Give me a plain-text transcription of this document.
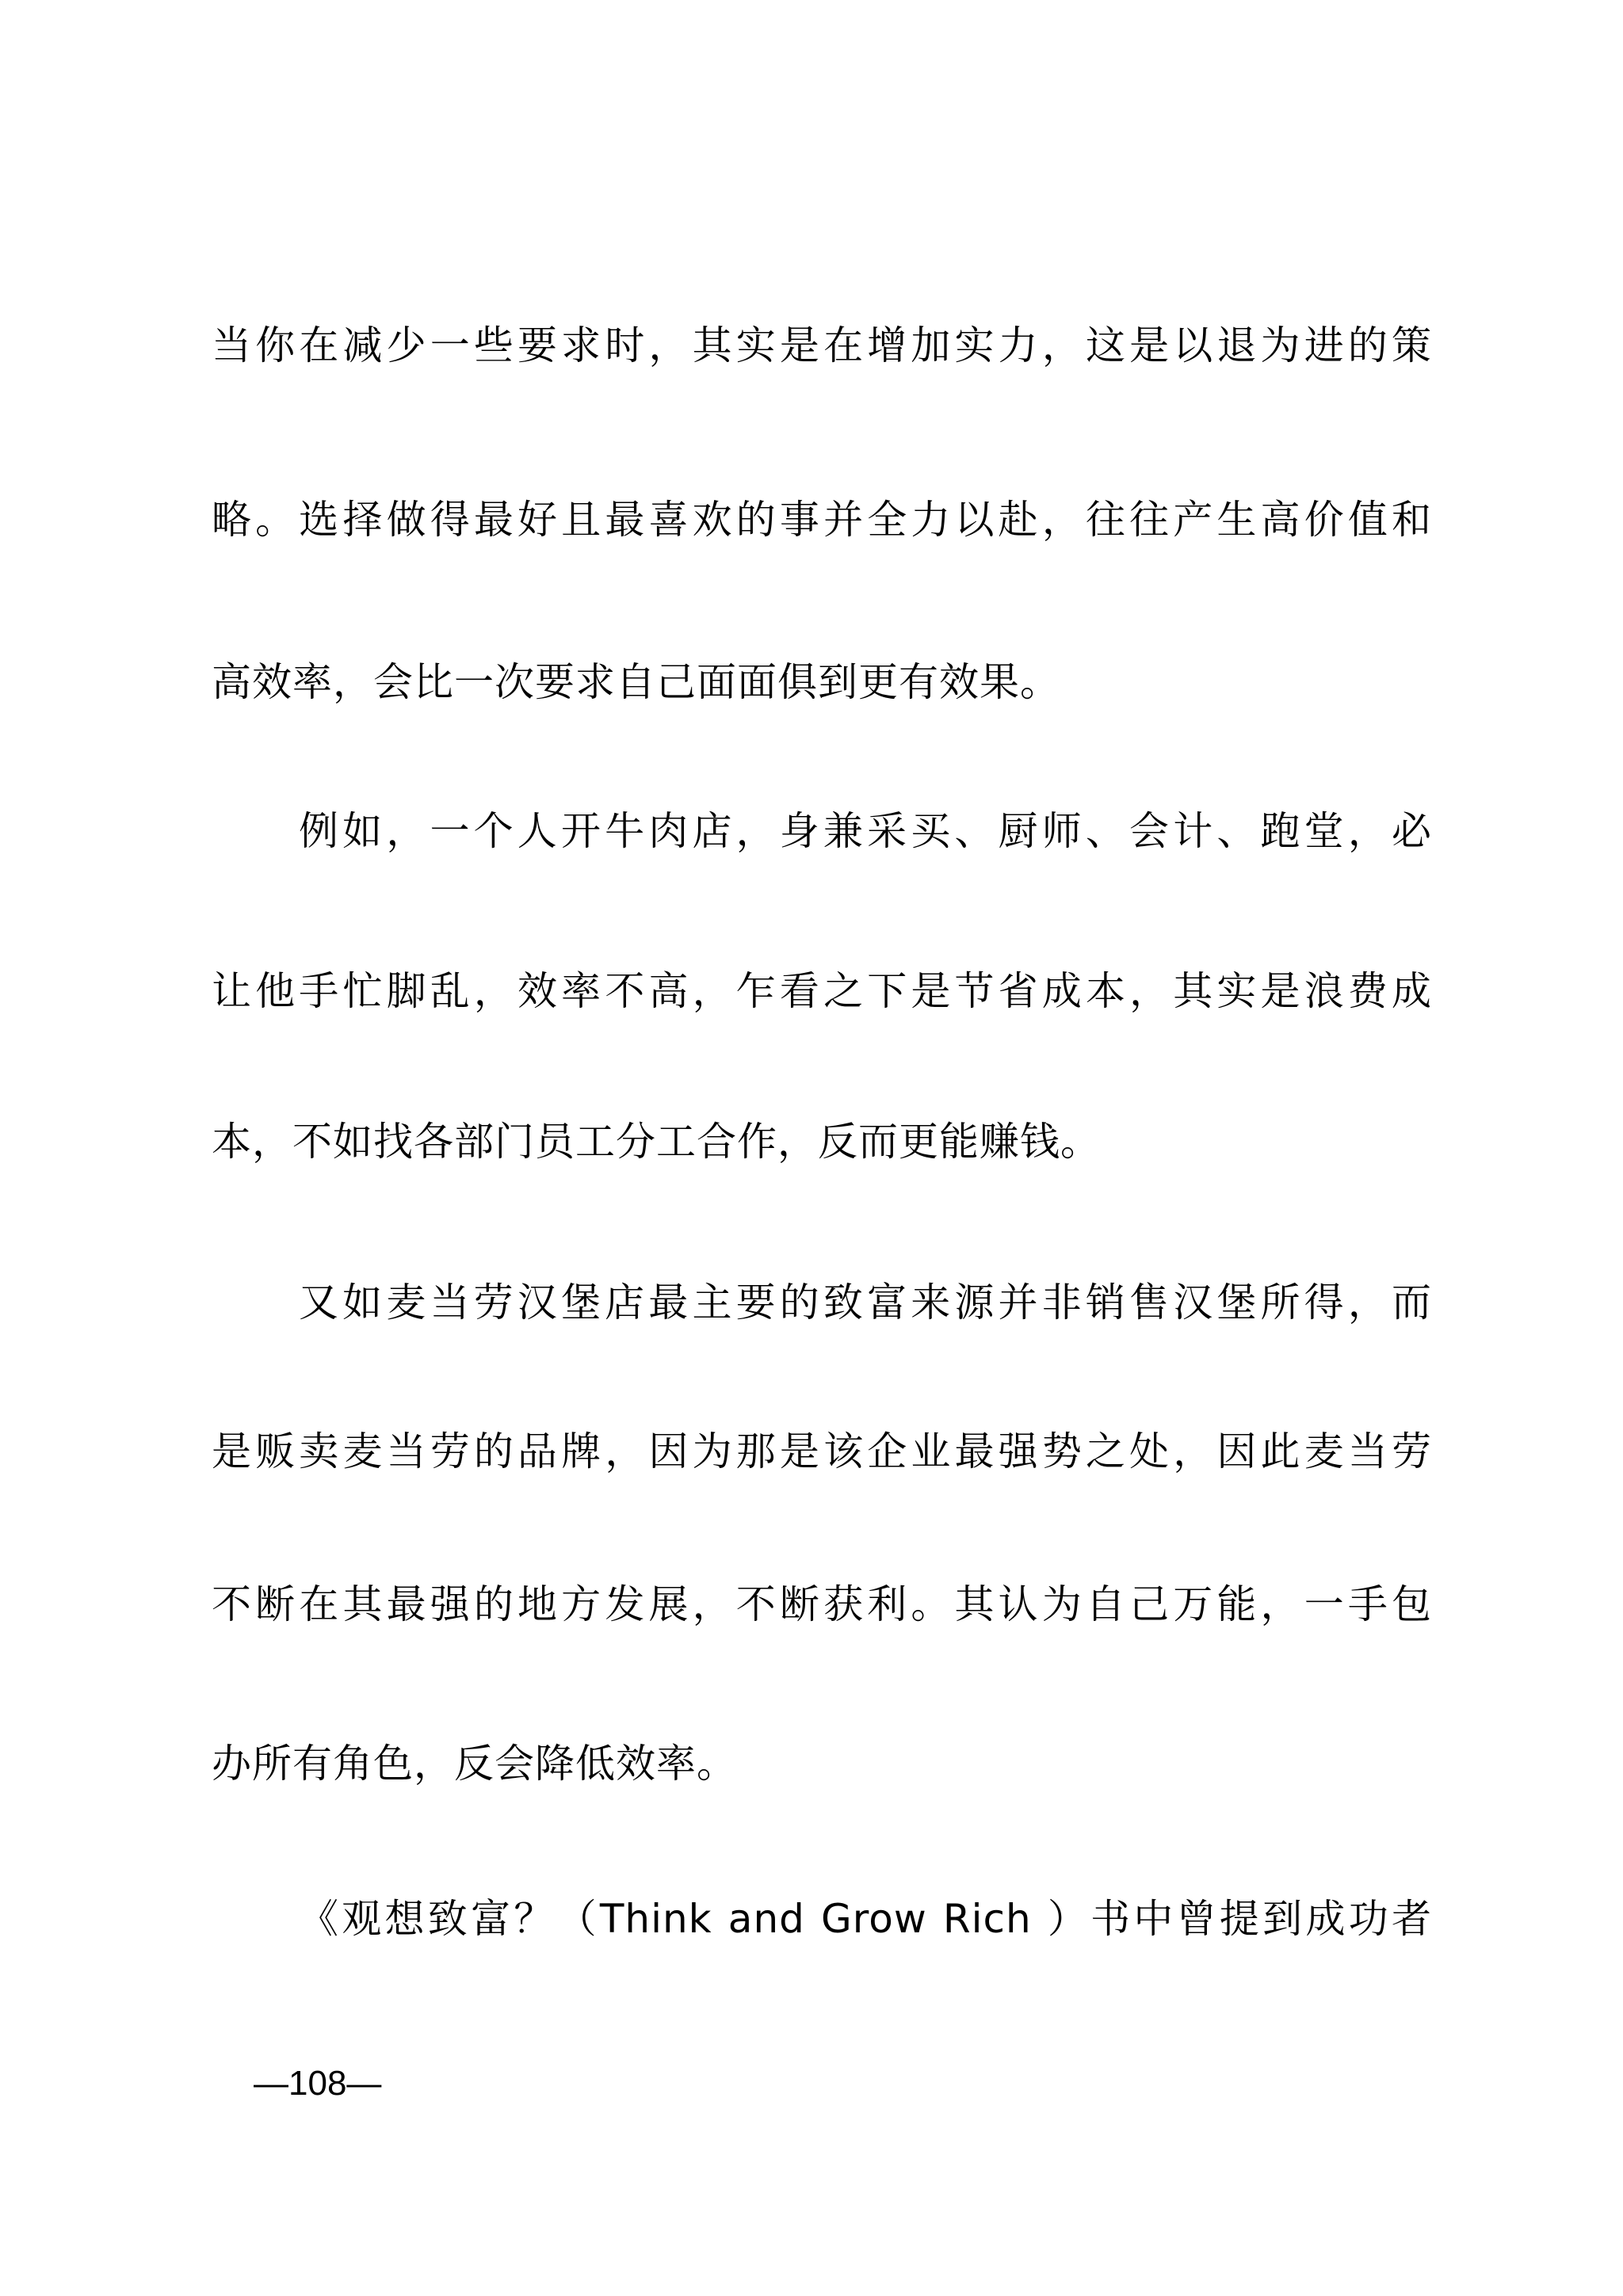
当你在减少一些要求时，其实是在增加实力，这是以退为进的策
略。选择做得最好且最喜欢的事并全力以赴，往往产生高价值和
高效率，会比一次要求自己面面俱到更有效果。
例如，一个人开牛肉店，身兼采买、厨师、会计、跑堂，必
让他手忙脚乱，效率不高，乍看之下是节省成本，其实是浪费成
本，不如找各部门员工分工合作，反而更能赚钱。
又如麦当劳汉堡店最主要的致富来源并非销售汉堡所得，而
是贩卖麦当劳的品牌，因为那是该企业最强势之处，因此麦当劳
不断在其最强的地方发展，不断获利。其认为自己万能，一手包
办所有角色，反会降低效率。
《观想致富？（Think and Grow Rich ）书中曾提到成功者
—108—
